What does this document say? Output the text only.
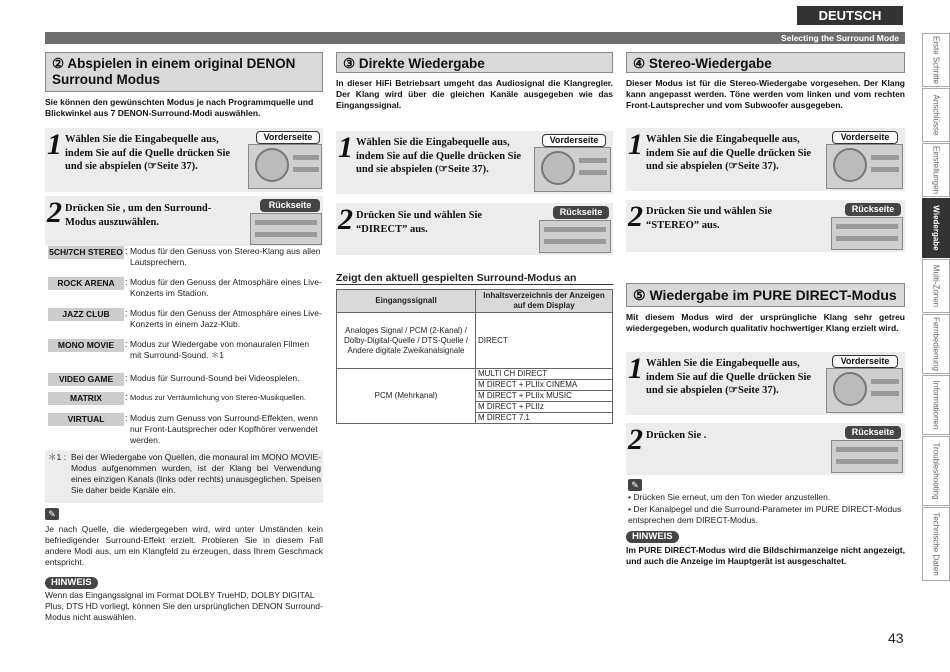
DEUTSCH
Selecting the Surround Mode
② Abspielen in einem original DENON Surround Modus
Sie können den gewünschten Modus je nach Programmquelle und Blickwinkel aus 7 DENON-Surround-Modi auswählen.
1 Wählen Sie die Eingabequelle aus, indem Sie auf die Quelle drücken Sie und sie abspielen (☞Seite 37).
Vorderseite
2 Drücken Sie , um den Surround-Modus auszuwählen.
Rückseite
5CH/7CH STEREO : Modus für den Genuss von Stereo-Klang aus allen Lautsprechern.
ROCK ARENA	: Modus für den Genuss der Atmosphäre eines Live-Konzerts im Stadion.
JAZZ CLUB	: Modus für den Genuss der Atmosphäre eines Live-Konzerts in einem Jazz-Klub.
MONO MOVIE	: Modus zur Wiedergabe von monauralen Filmen mit Surround-Sound. ＊1
VIDEO GAME	: Modus für Surround-Sound bei Videospielen.
MATRIX	: Modus zur Verräumlichung von Stereo-Musikquellen.
VIRTUAL	: Modus zum Genuss von Surround-Effekten, wenn nur Front-Lautsprecher oder Kopfhörer verwendet werden.
＊1 : Bei der Wiedergabe von Quellen, die monaural im MONO MOVIE-Modus aufgenommen wurden, ist der Klang bei Verwendung eines einzigen Kanals (links oder rechts) unausgeglichen. Speisen Sie daher beide Kanäle ein.
✎
Je nach Quelle, die wiedergegeben wird, wird unter Umständen kein befriedigender Surround-Effekt erzielt. Probieren Sie in diesem Fall andere Modi aus, um ein Klangfeld zu erzeugen, dass Ihrem Geschmack entspricht.
HINWEIS
Wenn das Eingangssignal im Format DOLBY TrueHD, DOLBY DIGITAL Plus, DTS HD vorliegt, können Sie den ursprünglichen DENON Surround-Modus nicht auswählen.
③ Direkte Wiedergabe
In dieser HiFi Betriebsart umgeht das Audiosignal die Klangregler. Der Klang wird über die gleichen Kanäle ausgegeben wie das Eingangssignal.
1 Wählen Sie die Eingabequelle aus, indem Sie auf die Quelle drücken Sie und sie abspielen (☞Seite 37).
Vorderseite
2 Drücken Sie und wählen Sie “DIRECT” aus.
Rückseite
Zeigt den aktuell gespielten Surround-Modus an
Eingangssignall	Inhaltsverzeichnis der Anzeigen auf dem Display
Analoges Signal / PCM (2-Kanal) / Dolby-Digital-Quelle / DTS-Quelle / Andere digitale Zweikanalsignale	DIRECT
PCM (Mehrkanal)	MULTI CH DIRECT
	M DIRECT + PLIIx CINEMA
	M DIRECT + PLIIx MUSIC
	M DIRECT + PLIIz
	M DIRECT 7.1
④ Stereo-Wiedergabe
Dieser Modus ist für die Stereo-Wiedergabe vorgesehen. Der Klang kann angepasst werden. Töne werden vom linken und vom rechten Front-Lautsprecher und vom Subwoofer ausgegeben.
1 Wählen Sie die Eingabequelle aus, indem Sie auf die Quelle drücken Sie und sie abspielen (☞Seite 37).
Vorderseite
2 Drücken Sie und wählen Sie “STEREO” aus.
Rückseite
⑤ Wiedergabe im PURE DIRECT-Modus
Mit diesem Modus wird der ursprüngliche Klang sehr getreu wiedergegeben, wodurch qualitativ hochwertiger Klang erzielt wird.
1 Wählen Sie die Eingabequelle aus, indem Sie auf die Quelle drücken Sie und sie abspielen (☞Seite 37).
Vorderseite
2 Drücken Sie .	Rückseite
✎
• Drücken Sie erneut, um den Ton wieder anzustellen.
• Der Kanalpegel und die Surround-Parameter im PURE DIRECT-Modus entsprechen dem DIRECT-Modus.
HINWEIS
Im PURE DIRECT-Modus wird die Bildschirmanzeige nicht angezeigt, und auch die Anzeige im Hauptgerät ist ausgeschaltet.
Erste Schritte
Anschlüsse
Einstellungen
Wiedergabe
Multi-Zonen
Fernbedienung
Informationen
Troubleshooting
Technische Daten
43
